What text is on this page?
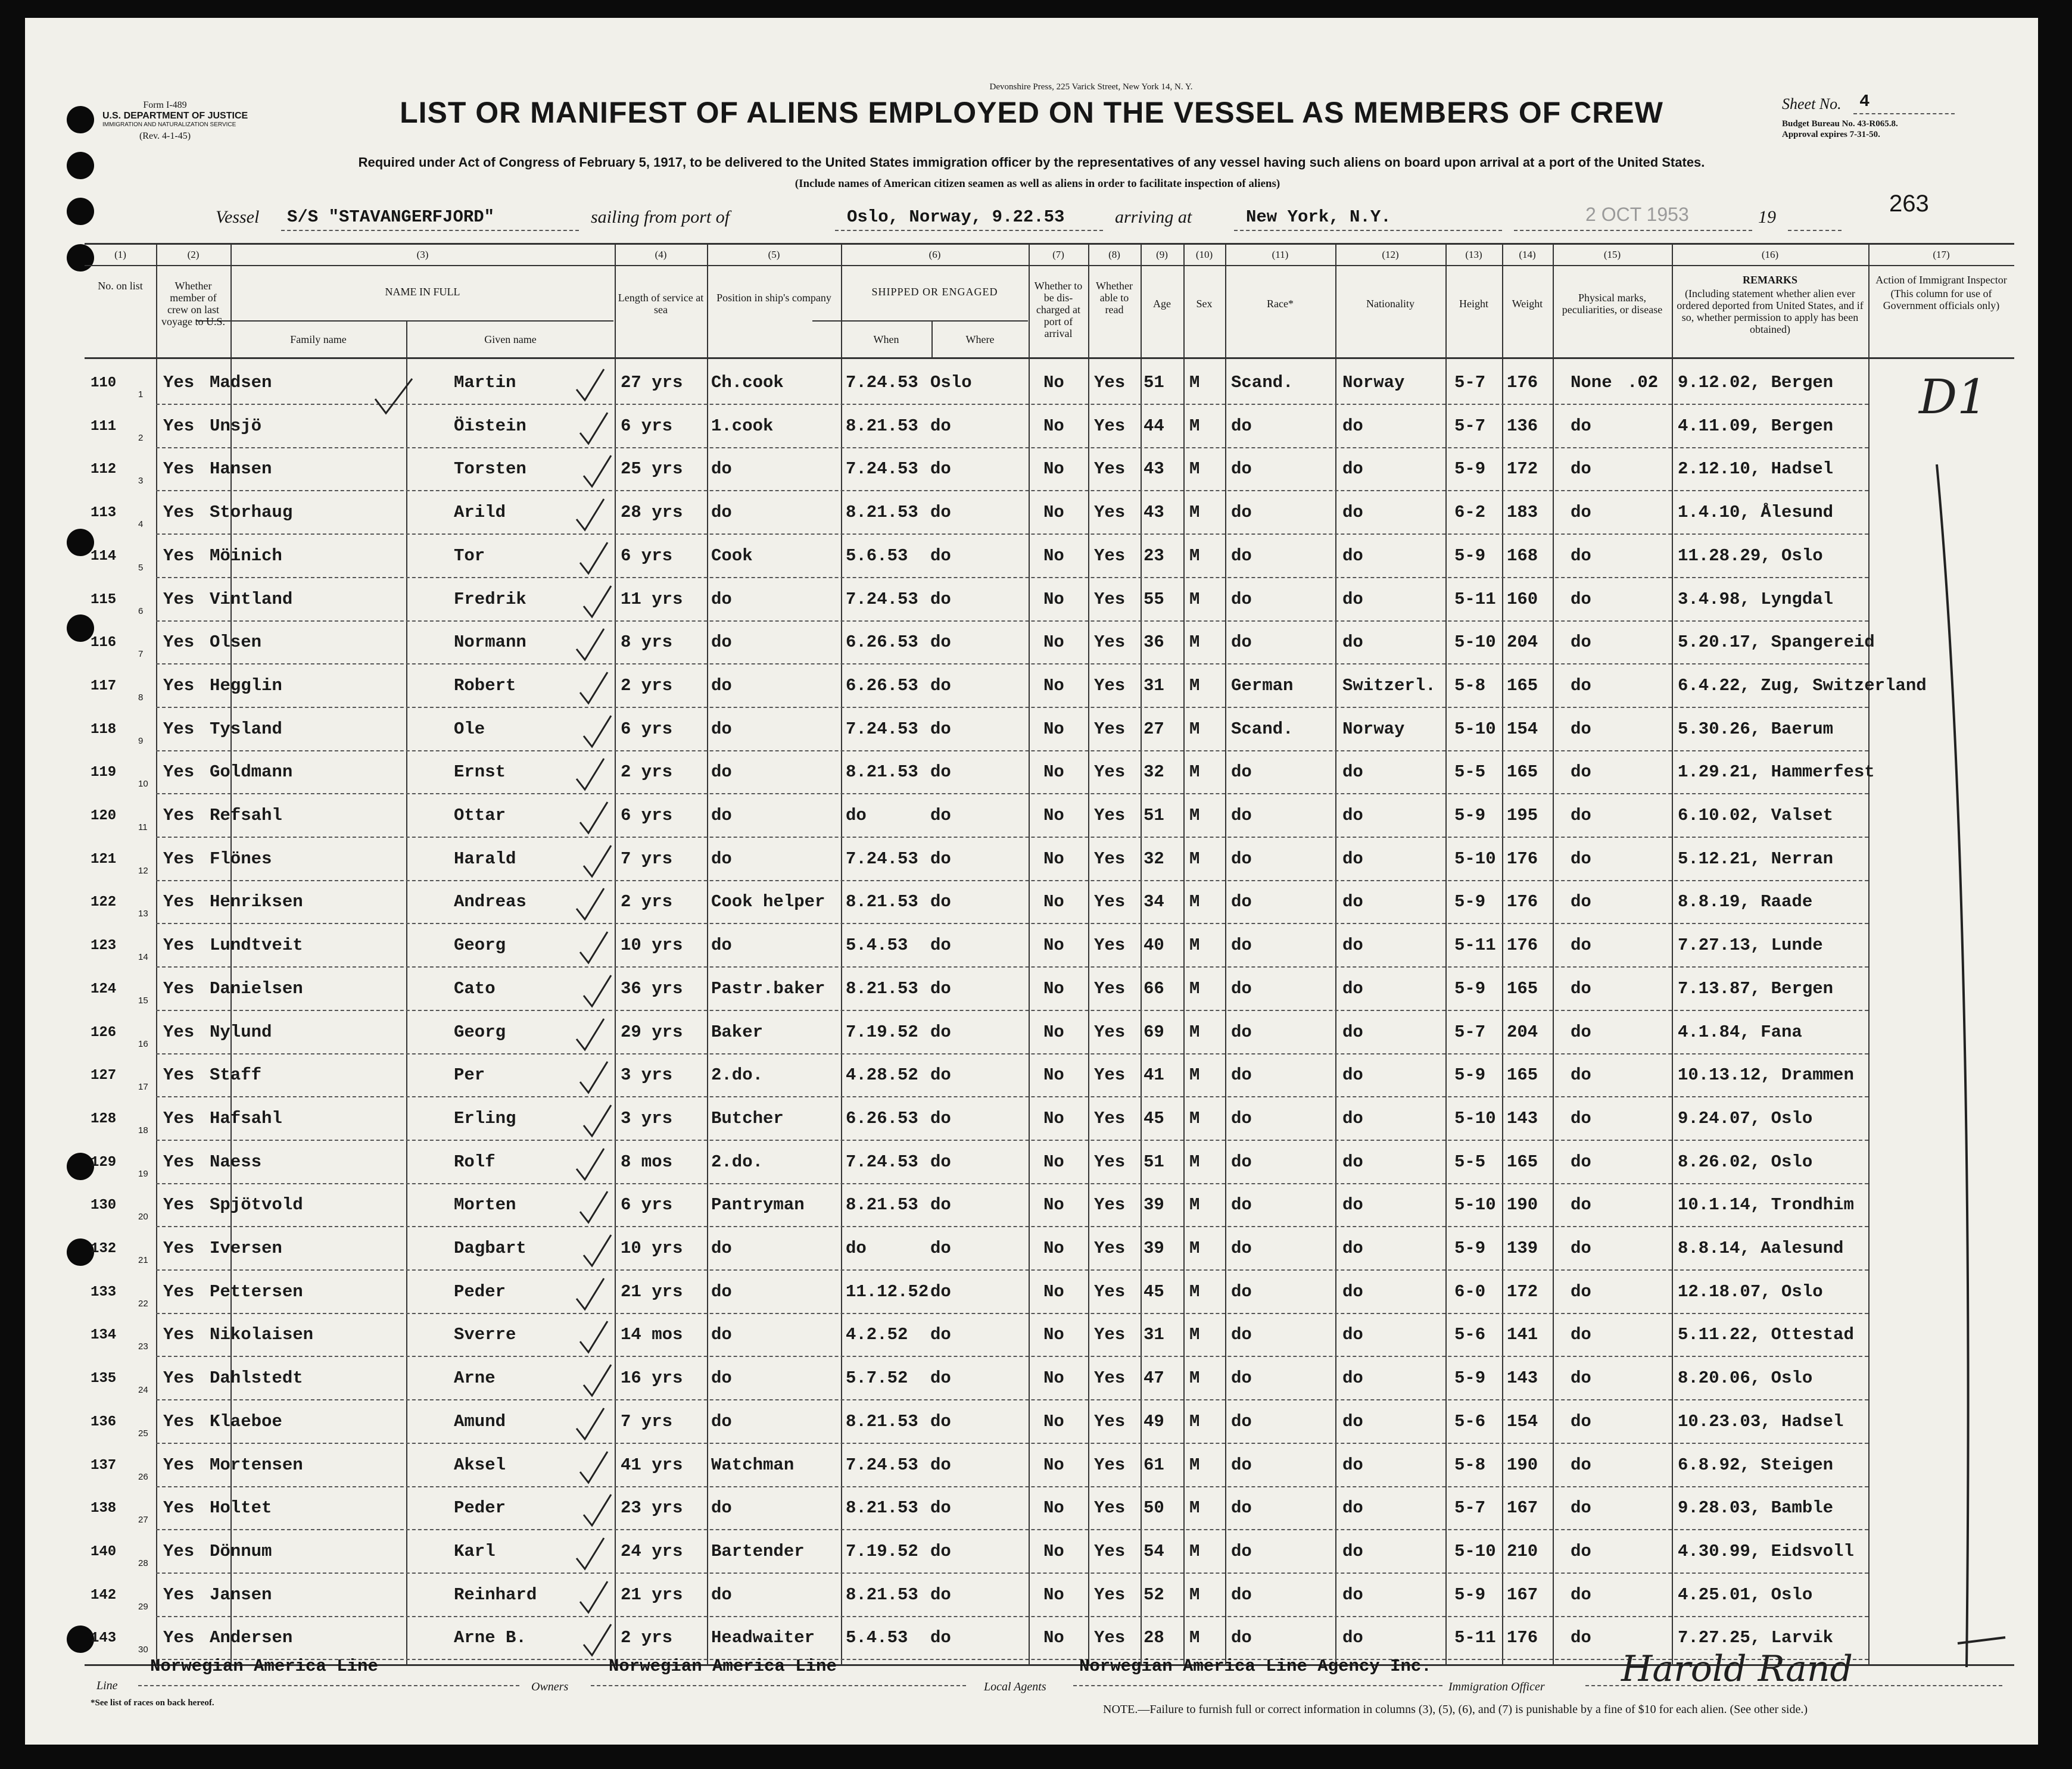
Form I-489
U.S. DEPARTMENT OF JUSTICE
IMMIGRATION AND NATURALIZATION SERVICE
(Rev. 4-1-45)
Devonshire Press, 225 Varick Street, New York 14, N. Y.
LIST OR MANIFEST OF ALIENS EMPLOYED ON THE VESSEL AS MEMBERS OF CREW	Sheet No. 4
Budget Bureau No. 43-R065.8.
Approval expires 7-31-50.
Required under Act of Congress of February 5, 1917, to be delivered to the United States immigration officer by the representatives of any vessel having such aliens on board upon arrival at a port of the United States.
(Include names of American citizen seamen as well as aliens in order to facilitate inspection of aliens)
Vessel S/S "STAVANGERFJORD"	sailing from port of	Oslo, Norway, 9.22.53	arriving at	New York, N.Y.	2 OCT 1953	19
263
(1)
No. on list
(2)
Whether member of crew on last voyage to U.S.
(3)
NAME IN FULL
Family name	Given name
(4)
Length of service at sea
(5)
Position in ship's company
(6)
SHIPPED OR ENGAGED
When	Where
(7)
Whether to be dis-charged at port of arrival
(8)
Whether able to read
(9)
Age
(10)
Sex
(11)
Race*
(12)
Nationality
(13)
Height
(14)
Weight
(15)
Physical marks, peculiarities, or disease
(16)
REMARKS
(Including statement whether alien ever ordered deported from United States, and if so, whether permission to apply has been obtained)
(17)
Action of Immigrant Inspector
(This column for use of Government officials only)
110
1
Yes Madsen	Martin	27 yrs Ch.cook	7.24.53 Oslo	No Yes 51 M Scand.	Norway	5-7 176 None	9.12.02, Bergen
111
2
Yes Unsjö	Öistein	6 yrs 1.cook	8.21.53 do	No Yes 44 M do	do	5-7 136 do	4.11.09, Bergen
112
3
Yes Hansen	Torsten	25 yrs do	7.24.53 do	No Yes 43 M do	do	5-9 172 do	2.12.10, Hadsel
113
4
Yes Storhaug	Arild	28 yrs do	8.21.53 do	No Yes 43 M do	do	6-2 183 do	1.4.10, Ålesund
114
5
Yes Möinich	Tor	6 yrs Cook	5.6.53 do	No Yes 23 M do	do	5-9 168 do	11.28.29, Oslo
115
6
Yes Vintland	Fredrik	11 yrs do	7.24.53 do	No Yes 55 M do	do	5-11 160 do	3.4.98, Lyngdal
116
7
Yes Olsen	Normann	8 yrs do	6.26.53 do	No Yes 36 M do	do	5-10 204 do	5.20.17, Spangereid
117
8
Yes Hegglin	Robert	2 yrs do	6.26.53 do	No Yes 31 M German	Switzerl. 5-8 165 do	6.4.22, Zug, Switzerland
118
9
Yes Tysland	Ole	6 yrs do	7.24.53 do	No Yes 27 M Scand.	Norway	5-10 154 do	5.30.26, Baerum
119
10
Yes Goldmann	Ernst	2 yrs do	8.21.53 do	No Yes 32 M do	do	5-5 165 do	1.29.21, Hammerfest
120
11
Yes Refsahl	Ottar	6 yrs do	do	do	No Yes 51 M do	do	5-9 195 do	6.10.02, Valset
121
12
Yes Flönes	Harald	7 yrs do	7.24.53 do	No Yes 32 M do	do	5-10 176 do	5.12.21, Nerran
122
13
Yes Henriksen	Andreas	2 yrs Cook helper 8.21.53 do	No Yes 34 M do	do	5-9 176 do	8.8.19, Raade
123
14
Yes Lundtveit	Georg	10 yrs do	5.4.53 do	No Yes 40 M do	do	5-11 176 do	7.27.13, Lunde
124
15
Yes Danielsen	Cato	36 yrs Pastr.baker 8.21.53 do	No Yes 66 M do	do	5-9 165 do	7.13.87, Bergen
126
16
Yes Nylund	Georg	29 yrs Baker	7.19.52 do	No Yes 69 M do	do	5-7 204 do	4.1.84, Fana
127
17
Yes Staff	Per	3 yrs 2.do.	4.28.52 do	No Yes 41 M do	do	5-9 165 do	10.13.12, Drammen
128
18
Yes Hafsahl	Erling	3 yrs Butcher	6.26.53 do	No Yes 45 M do	do	5-10 143 do	9.24.07, Oslo
129
19
Yes Naess	Rolf	8 mos 2.do.	7.24.53 do	No Yes 51 M do	do	5-5 165 do	8.26.02, Oslo
130
20
Yes Spjötvold	Morten	6 yrs Pantryman 8.21.53 do	No Yes 39 M do	do	5-10 190 do	10.1.14, Trondhim
132
21
Yes Iversen	Dagbart	10 yrs do	do	do	No Yes 39 M do	do	5-9 139 do	8.8.14, Aalesund
133
22
Yes Pettersen	Peder	21 yrs do	11.12.52 do	No Yes 45 M do	do	6-0 172 do	12.18.07, Oslo
134
23
Yes Nikolaisen	Sverre	14 mos do	4.2.52 do	No Yes 31 M do	do	5-6 141 do	5.11.22, Ottestad
135
24
Yes Dahlstedt	Arne	16 yrs do	5.7.52 do	No Yes 47 M do	do	5-9 143 do	8.20.06, Oslo
136
25
Yes Klaeboe	Amund	7 yrs do	8.21.53 do	No Yes 49 M do	do	5-6 154 do	10.23.03, Hadsel
137
26
Yes Mortensen	Aksel	41 yrs Watchman	7.24.53 do	No Yes 61 M do	do	5-8 190 do	6.8.92, Steigen
138
27
Yes Holtet	Peder	23 yrs do	8.21.53 do	No Yes 50 M do	do	5-7 167 do	9.28.03, Bamble
140
28
Yes Dönnum	Karl	24 yrs Bartender 7.19.52 do	No Yes 54 M do	do	5-10 210 do	4.30.99, Eidsvoll
142
29
Yes Jansen	Reinhard	21 yrs do	8.21.53 do	No Yes 52 M do	do	5-9 167 do	4.25.01, Oslo
143
30
Yes Andersen	Arne B.	2 yrs Headwaiter 5.4.53 do	No Yes 28 M do	do	5-11 176 do	7.27.25, Larvik
D1
Line
Norwegian America Line
*See list of races on back hereof.
Owners
Norwegian America Line
Local Agents
Norwegian America Line Agency Inc.
Immigration Officer Harold Rand
NOTE.—Failure to furnish full or correct information in columns (3), (5), (6), and (7) is punishable by a fine of $10 for each alien. (See other side.)
.02
